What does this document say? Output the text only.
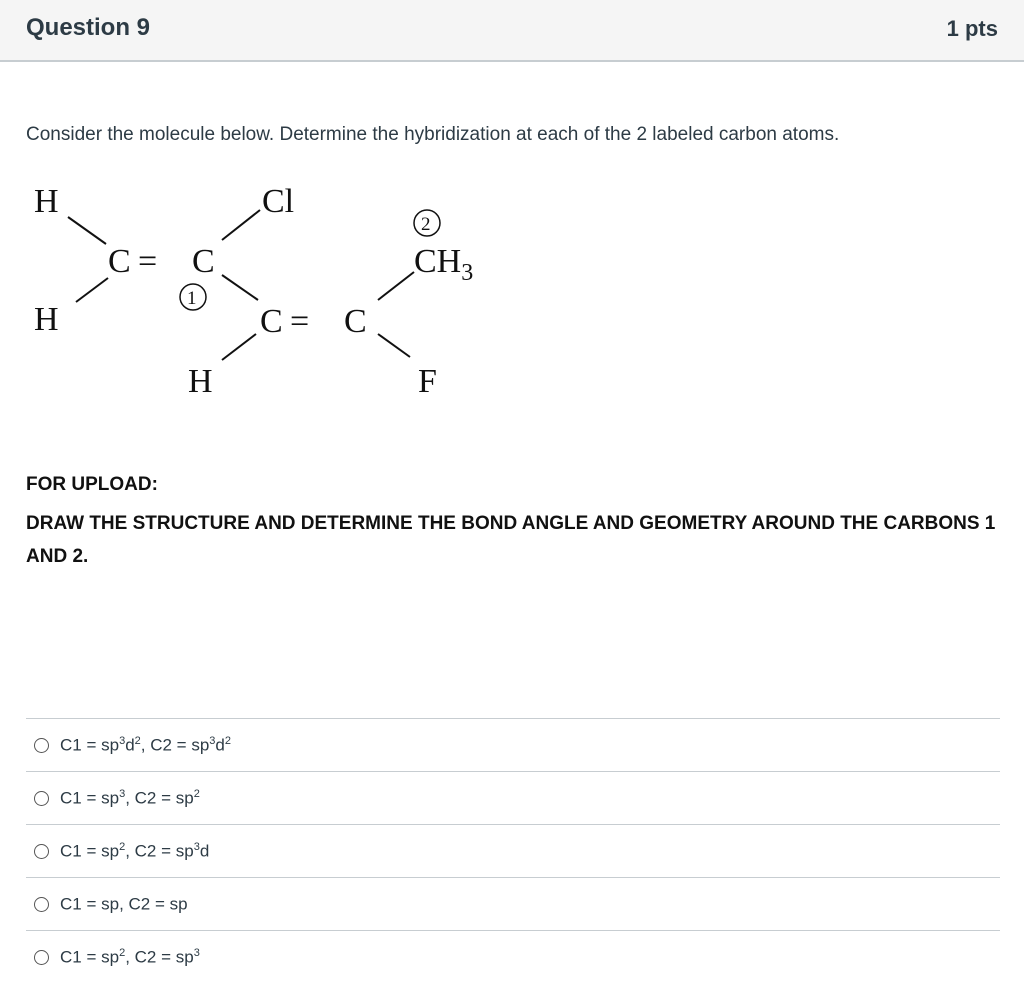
Question 9	1 pts
Consider the molecule below. Determine the hybridization at each of the 2 labeled carbon atoms.
H
H
C = C
Cl
1
H
C = C
2
$CH_3$
F
FOR UPLOAD:
DRAW THE STRUCTURE AND DETERMINE THE BOND ANGLE AND GEOMETRY AROUND THE CARBONS 1 AND 2.
$C1 = sp^3d^2$, $C2 = sp^3d^2$
$C1 = sp^3$, $C2 = sp^2$
$C1 = sp^2$, $C2 = sp^3d$
C1 = sp, C2 = sp
$C1 = sp^2$, $C2 = sp^3$
